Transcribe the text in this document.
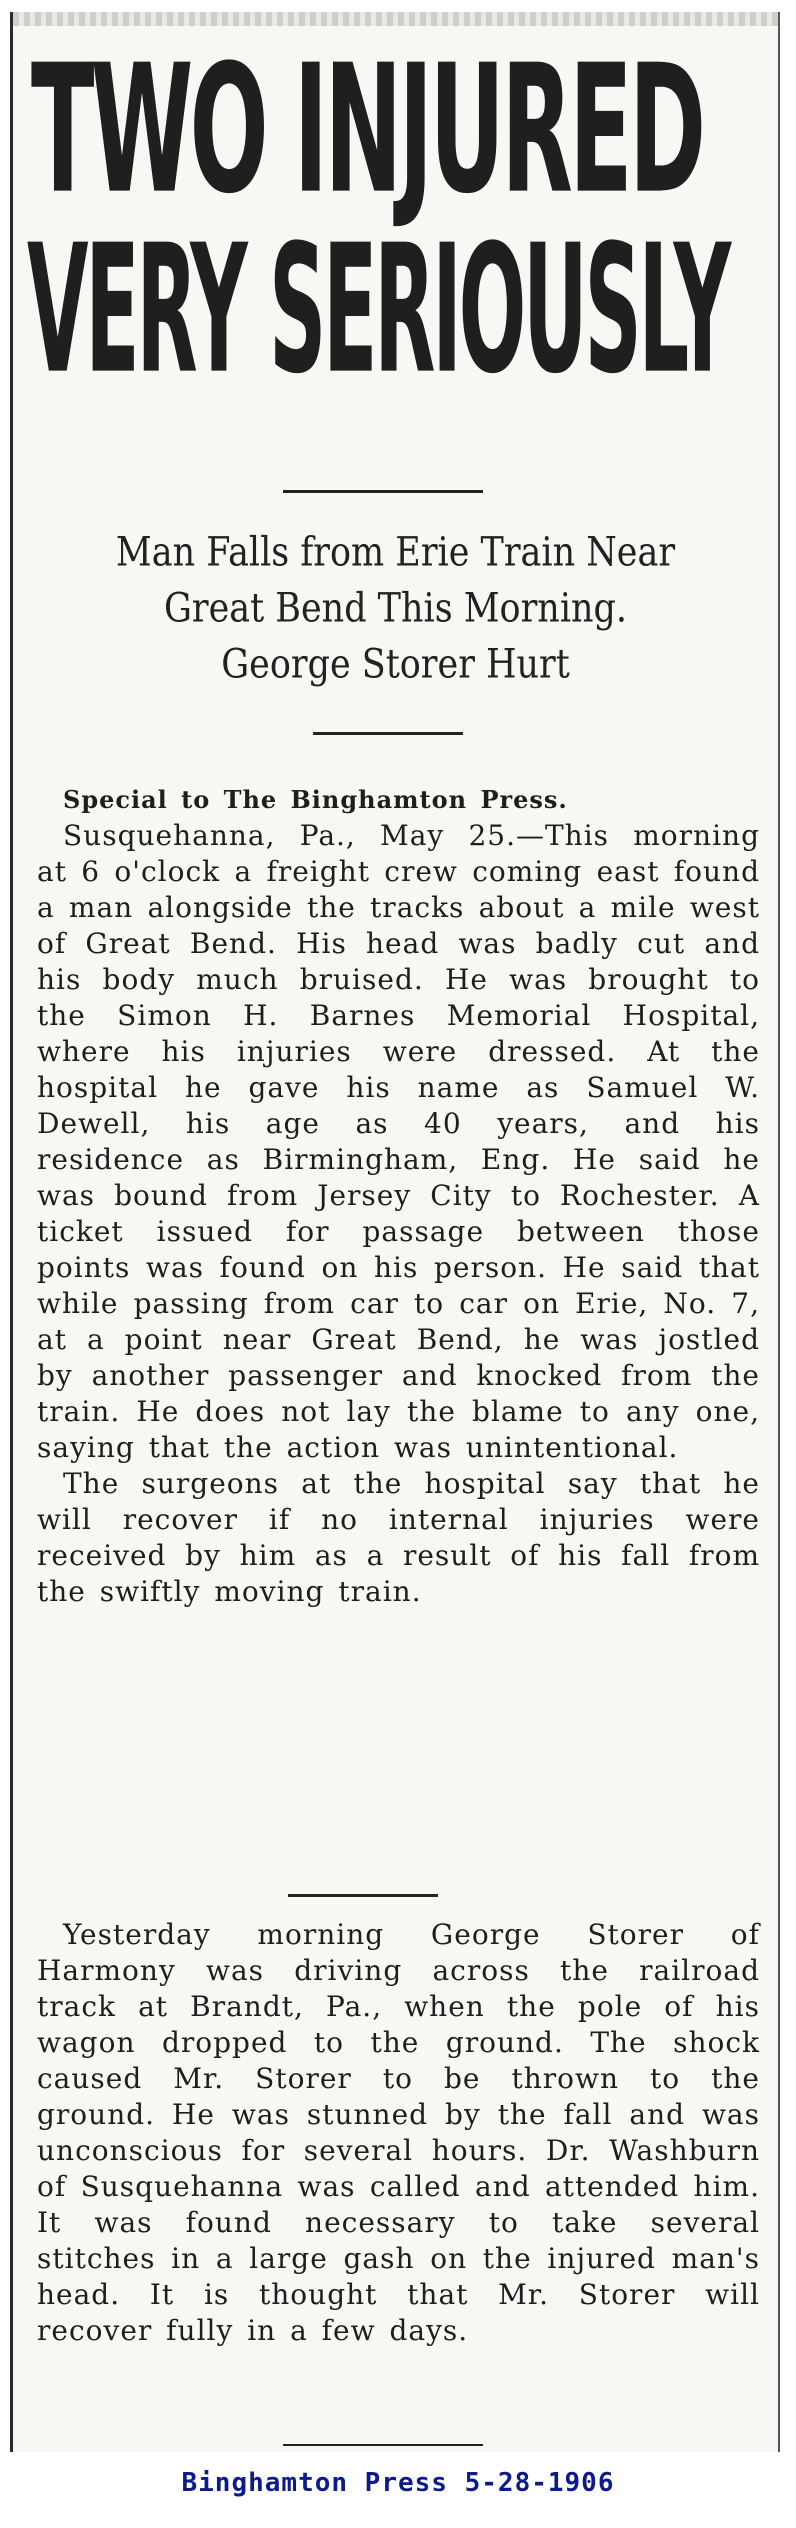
TWO INJURED
VERY SERIOUSLY
Man Falls from Erie Train Near
Great Bend This Morning.
George Storer Hurt

Special to The Binghamton Press.

Susquehanna, Pa., May 25.—This morning at 6 o'clock a freight crew coming east found a man alongside the tracks about a mile west of Great Bend. His head was badly cut and his body much bruised. He was brought to the Simon H. Barnes Memorial Hospital, where his injuries were dressed. At the hospital he gave his name as Samuel W. Dewell, his age as 40 years, and his residence as Birmingham, Eng. He said he was bound from Jersey City to Rochester. A ticket issued for passage between those points was found on his person. He said that while passing from car to car on Erie, No. 7, at a point near Great Bend, he was jostled by another passenger and knocked from the train. He does not lay the blame to any one, saying that the action was unintentional.

The surgeons at the hospital say that he will recover if no internal injuries were received by him as a result of his fall from the swiftly moving train.

Yesterday morning George Storer of Harmony was driving across the railroad track at Brandt, Pa., when the pole of his wagon dropped to the ground. The shock caused Mr. Storer to be thrown to the ground. He was stunned by the fall and was unconscious for several hours. Dr. Washburn of Susquehanna was called and attended him. It was found necessary to take several stitches in a large gash on the injured man's head. It is thought that Mr. Storer will recover fully in a few days.

Binghamton Press 5-28-1906
